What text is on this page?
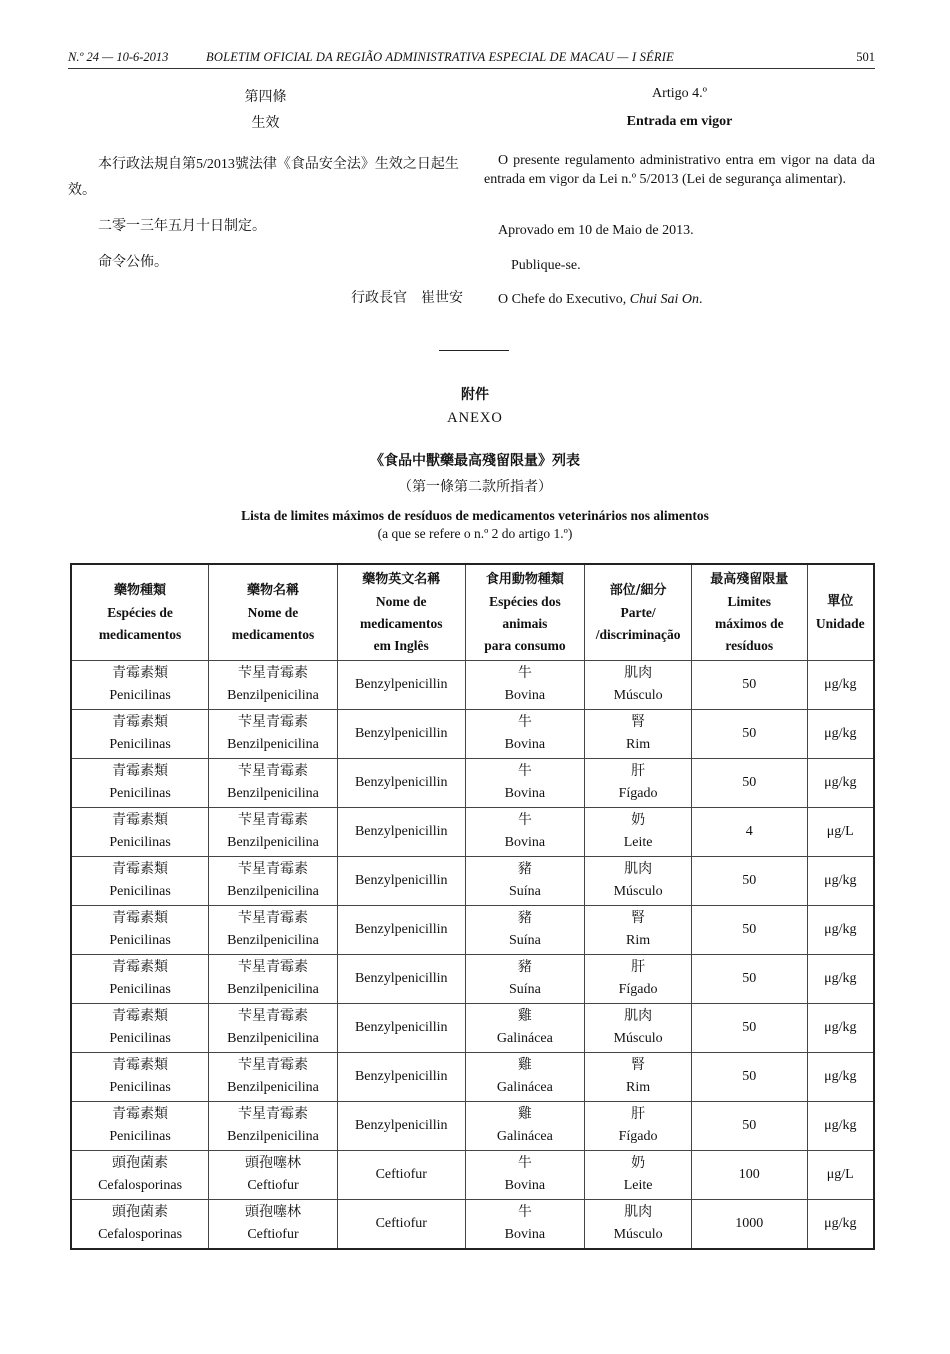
N.º 24 — 10-6-2013	BOLETIM OFICIAL DA REGIÃO ADMINISTRATIVA ESPECIAL DE MACAU — I SÉRIE	501
第四條
生效
本行政法規自第5/2013號法律《食品安全法》生效之日起生效。
二零一三年五月十日制定。
命令公佈。
行政長官　崔世安
Artigo 4.º
Entrada em vigor
O presente regulamento administrativo entra em vigor na data da entrada em vigor da Lei n.º 5/2013 (Lei de segurança alimentar).
Aprovado em 10 de Maio de 2013.
Publique-se.
O Chefe do Executivo, Chui Sai On.
附件
ANEXO
《食品中獸藥最高殘留限量》列表
（第一條第二款所指者）
Lista de limites máximos de resíduos de medicamentos veterinários nos alimentos
(a que se refere o n.º 2 do artigo 1.º)
藥物種類
Espécies de
medicamentos	藥物名稱
Nome de
medicamentos	藥物英文名稱
Nome de
medicamentos
em Inglês	食用動物種類
Espécies dos
animais
para consumo	部位/細分
Parte/
/discriminação	最高殘留限量
Limites
máximos de
resíduos	單位
Unidade

青霉素類
Penicilinas	芐星青霉素
Benzilpenicilina	Benzylpenicillin	牛
Bovina	肌肉
Músculo	50	μg/kg

青霉素類
Penicilinas	芐星青霉素
Benzilpenicilina	Benzylpenicillin	牛
Bovina	腎
Rim	50	μg/kg

青霉素類
Penicilinas	芐星青霉素
Benzilpenicilina	Benzylpenicillin	牛
Bovina	肝
Fígado	50	μg/kg

青霉素類
Penicilinas	芐星青霉素
Benzilpenicilina	Benzylpenicillin	牛
Bovina	奶
Leite	4	μg/L

青霉素類
Penicilinas	芐星青霉素
Benzilpenicilina	Benzylpenicillin	豬
Suína	肌肉
Músculo	50	μg/kg

青霉素類
Penicilinas	芐星青霉素
Benzilpenicilina	Benzylpenicillin	豬
Suína	腎
Rim	50	μg/kg

青霉素類
Penicilinas	芐星青霉素
Benzilpenicilina	Benzylpenicillin	豬
Suína	肝
Fígado	50	μg/kg

青霉素類
Penicilinas	芐星青霉素
Benzilpenicilina	Benzylpenicillin	雞
Galinácea	肌肉
Músculo	50	μg/kg

青霉素類
Penicilinas	芐星青霉素
Benzilpenicilina	Benzylpenicillin	雞
Galinácea	腎
Rim	50	μg/kg

青霉素類
Penicilinas	芐星青霉素
Benzilpenicilina	Benzylpenicillin	雞
Galinácea	肝
Fígado	50	μg/kg

頭孢菌素
Cefalosporinas	頭孢噻林
Ceftiofur	Ceftiofur	牛
Bovina	奶
Leite	100	μg/L

頭孢菌素
Cefalosporinas	頭孢噻林
Ceftiofur	Ceftiofur	牛
Bovina	肌肉
Músculo	1000	μg/kg
